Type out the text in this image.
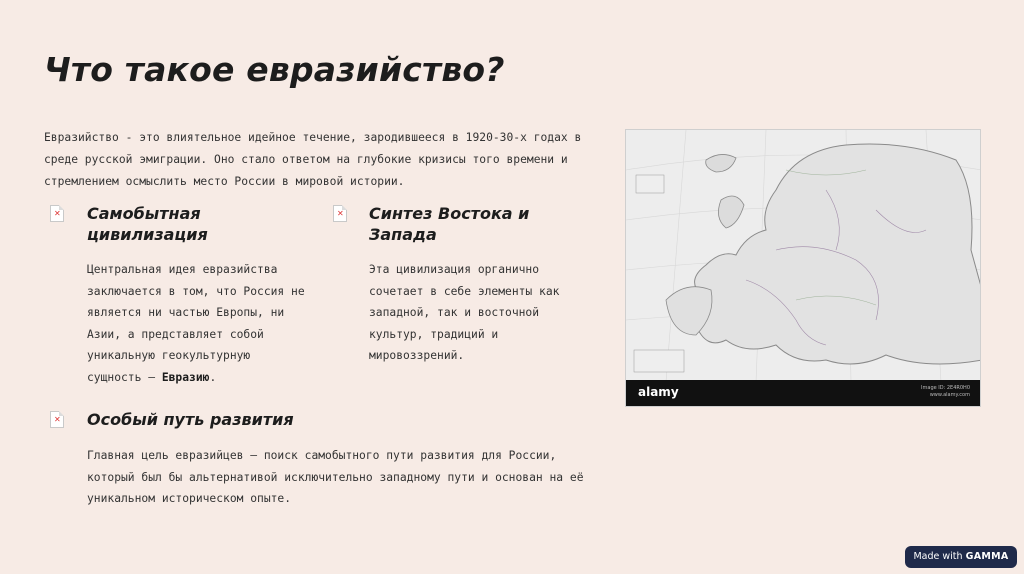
Что такое евразийство?

Евразийство - это влиятельное идейное течение, зародившееся в 1920-30-х годах в среде русской эмиграции. Оно стало ответом на глубокие кризисы того времени и стремлением осмыслить место России в мировой истории.

✕ Самобытная цивилизация

Центральная идея евразийства заключается в том, что Россия не является ни частью Европы, ни Азии, а представляет собой уникальную геокультурную сущность – Евразию.

✕ Синтез Востока и Запада

Эта цивилизация органично сочетает в себе элементы как западной, так и восточной культур, традиций и мировоззрений.

✕ Особый путь развития

Главная цель евразийцев – поиск самобытного пути развития для России, который был бы альтернативой исключительно западному пути и основан на её уникальном историческом опыте.

alamy	Image ID: 2E4R0H0
www.alamy.com
Made with GAMMA
